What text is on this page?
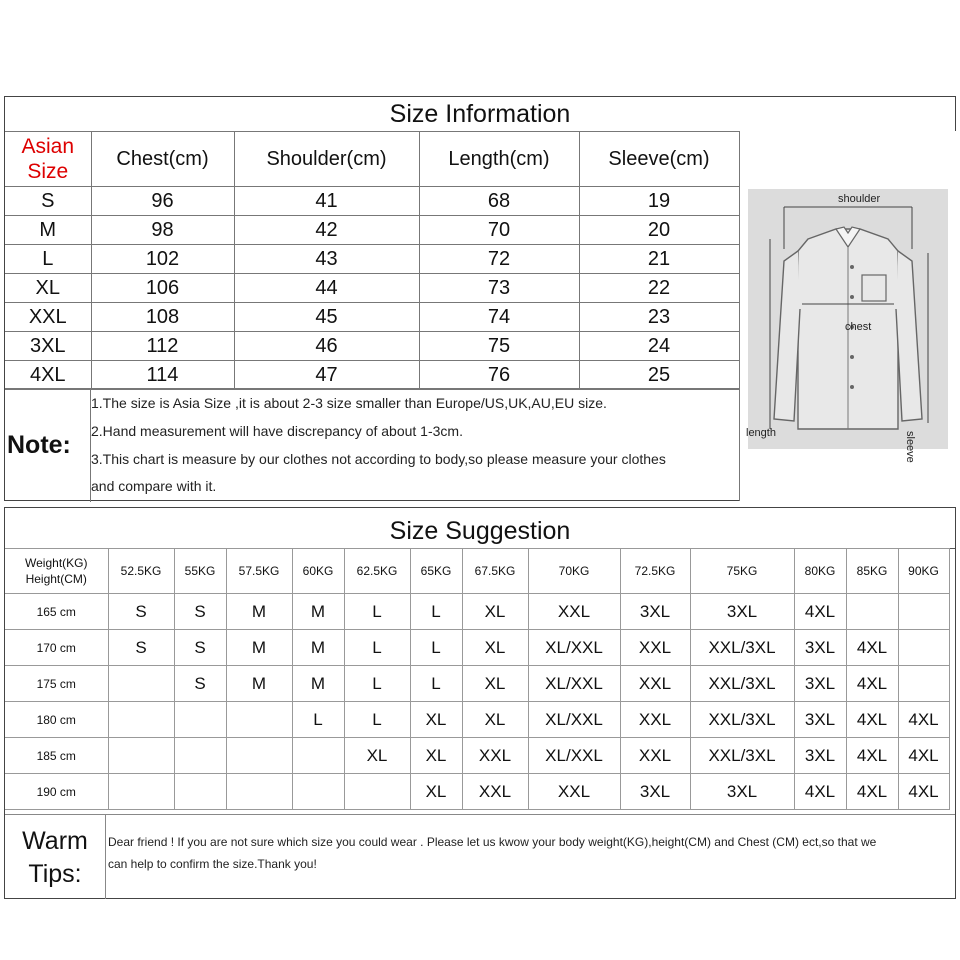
Size Information
Asian
Size	Chest(cm)	Shoulder(cm)	Length(cm)	Sleeve(cm)
S	96	41	68	19
M	98	42	70	20
L	102	43	72	21
XL	106	44	73	22
XXL	108	45	74	23
3XL	112	46	75	24
4XL	114	47	76	25
shoulder
chest
length	sleeve
Note:
1.The size is Asia Size ,it is about 2-3 size smaller than Europe/US,UK,AU,EU size.
2.Hand measurement will have discrepancy of about 1-3cm.
3.This chart is measure by our clothes not according to body,so please measure your clothes
and compare with it.
Size Suggestion
Weight(KG)
Height(CM)	52.5KG	55KG	57.5KG	60KG	62.5KG	65KG	67.5KG	70KG	72.5KG	75KG	80KG	85KG	90KG
165 cm	S	S	M	M	L	L	XL	XXL	3XL	3XL	4XL		
170 cm	S	S	M	M	L	L	XL	XL/XXL	XXL	XXL/3XL	3XL	4XL	
175 cm		S	M	M	L	L	XL	XL/XXL	XXL	XXL/3XL	3XL	4XL	
180 cm				L	L	XL	XL	XL/XXL	XXL	XXL/3XL	3XL	4XL	4XL
185 cm					XL	XL	XXL	XL/XXL	XXL	XXL/3XL	3XL	4XL	4XL
190 cm						XL	XXL	XXL	3XL	3XL	4XL	4XL	4XL
Warm
Tips:
Dear friend ! If you are not sure which size you could wear . Please let us kwow your body weight(KG),height(CM) and Chest (CM) ect,so that we
can help to confirm the size.Thank you!
